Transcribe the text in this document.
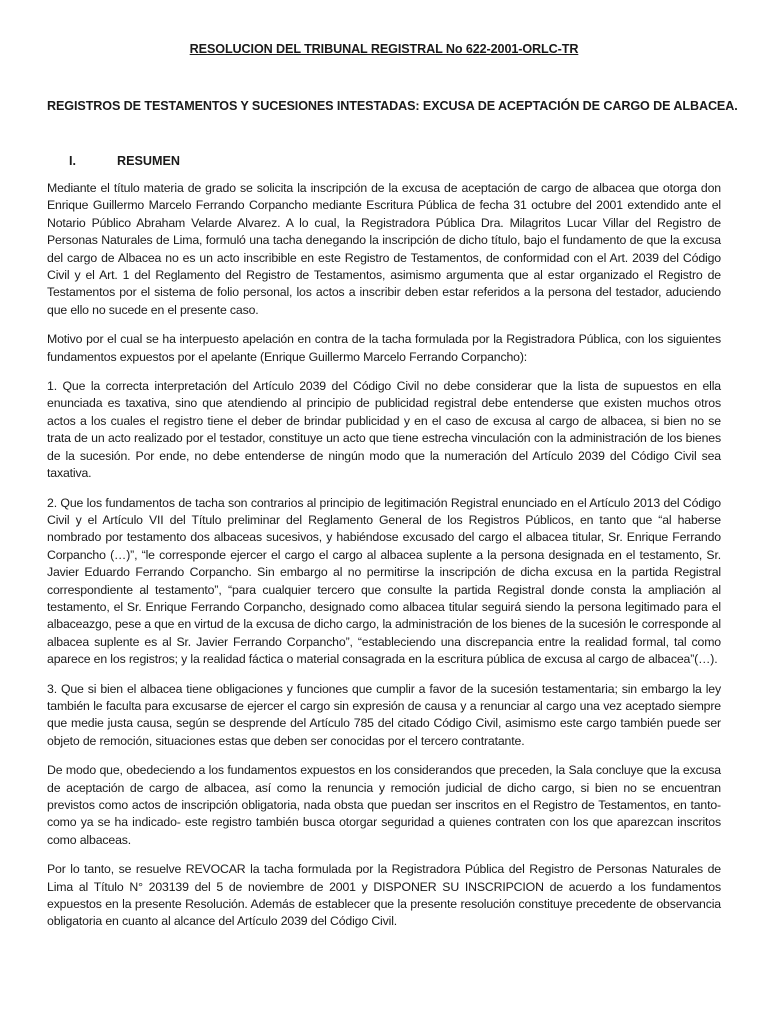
RESOLUCION DEL TRIBUNAL REGISTRAL No 622-2001-ORLC-TR
REGISTROS DE TESTAMENTOS Y SUCESIONES INTESTADAS: EXCUSA DE ACEPTACIÓN DE CARGO DE ALBACEA.
I.	RESUMEN

Mediante el título materia de grado se solicita la inscripción de la excusa de aceptación de cargo de albacea que otorga don Enrique Guillermo Marcelo Ferrando Corpancho mediante Escritura Pública de fecha 31 octubre del 2001 extendido ante el Notario Público Abraham Velarde Alvarez. A lo cual, la Registradora Pública Dra. Milagritos Lucar Villar del Registro de Personas Naturales de Lima, formuló una tacha denegando la inscripción de dicho título, bajo el fundamento de que la excusa del cargo de Albacea no es un acto inscribible en este Registro de Testamentos, de conformidad con el Art. 2039 del Código Civil y el Art. 1 del Reglamento del Registro de Testamentos, asimismo argumenta que al estar organizado el Registro de Testamentos por el sistema de folio personal, los actos a inscribir deben estar referidos a la persona del testador, aduciendo que ello no sucede en el presente caso.

Motivo por el cual se ha interpuesto apelación en contra de la tacha formulada por la Registradora Pública, con los siguientes fundamentos expuestos por el apelante (Enrique Guillermo Marcelo Ferrando Corpancho):

1. Que la correcta interpretación del Artículo 2039 del Código Civil no debe considerar que la lista de supuestos en ella enunciada es taxativa, sino que atendiendo al principio de publicidad registral debe entenderse que existen muchos otros actos a los cuales el registro tiene el deber de brindar publicidad y en el caso de excusa al cargo de albacea, si bien no se trata de un acto realizado por el testador, constituye un acto que tiene estrecha vinculación con la administración de los bienes de la sucesión. Por ende, no debe entenderse de ningún modo que la numeración del Artículo 2039 del Código Civil sea taxativa.

2. Que los fundamentos de tacha son contrarios al principio de legitimación Registral enunciado en el Artículo 2013 del Código Civil y el Artículo VII del Título preliminar del Reglamento General de los Registros Públicos, en tanto que “al haberse nombrado por testamento dos albaceas sucesivos, y habiéndose excusado del cargo el albacea titular, Sr. Enrique Ferrando Corpancho (…)”, “le corresponde ejercer el cargo el cargo al albacea suplente a la persona designada en el testamento, Sr. Javier Eduardo Ferrando Corpancho. Sin embargo al no permitirse la inscripción de dicha excusa en la partida Registral correspondiente al testamento”, “para cualquier tercero que consulte la partida Registral donde consta la ampliación al testamento, el Sr. Enrique Ferrando Corpancho, designado como albacea titular seguirá siendo la persona legitimado para el albaceazgo, pese a que en virtud de la excusa de dicho cargo, la administración de los bienes de la sucesión le corresponde al albacea suplente es al Sr. Javier Ferrando Corpancho”, “estableciendo una discrepancia entre la realidad formal, tal como aparece en los registros; y la realidad fáctica o material consagrada en la escritura pública de excusa al cargo de albacea”(…).

3. Que si bien el albacea tiene obligaciones y funciones que cumplir a favor de la sucesión testamentaria; sin embargo la ley también le faculta para excusarse de ejercer el cargo sin expresión de causa y a renunciar al cargo una vez aceptado siempre que medie justa causa, según se desprende del Artículo 785 del citado Código Civil, asimismo este cargo también puede ser objeto de remoción, situaciones estas que deben ser conocidas por el tercero contratante.

De modo que, obedeciendo a los fundamentos expuestos en los considerandos que preceden, la Sala concluye que la excusa de aceptación de cargo de albacea, así como la renuncia y remoción judicial de dicho cargo, si bien no se encuentran previstos como actos de inscripción obligatoria, nada obsta que puedan ser inscritos en el Registro de Testamentos, en tanto- como ya se ha indicado- este registro también busca otorgar seguridad a quienes contraten con los que aparezcan inscritos como albaceas.

Por lo tanto, se resuelve REVOCAR la tacha formulada por la Registradora Pública del Registro de Personas Naturales de Lima al Título N° 203139 del 5 de noviembre de 2001 y DISPONER SU INSCRIPCION de acuerdo a los fundamentos expuestos en la presente Resolución. Además de establecer que la presente resolución constituye precedente de observancia obligatoria en cuanto al alcance del Artículo 2039 del Código Civil.
